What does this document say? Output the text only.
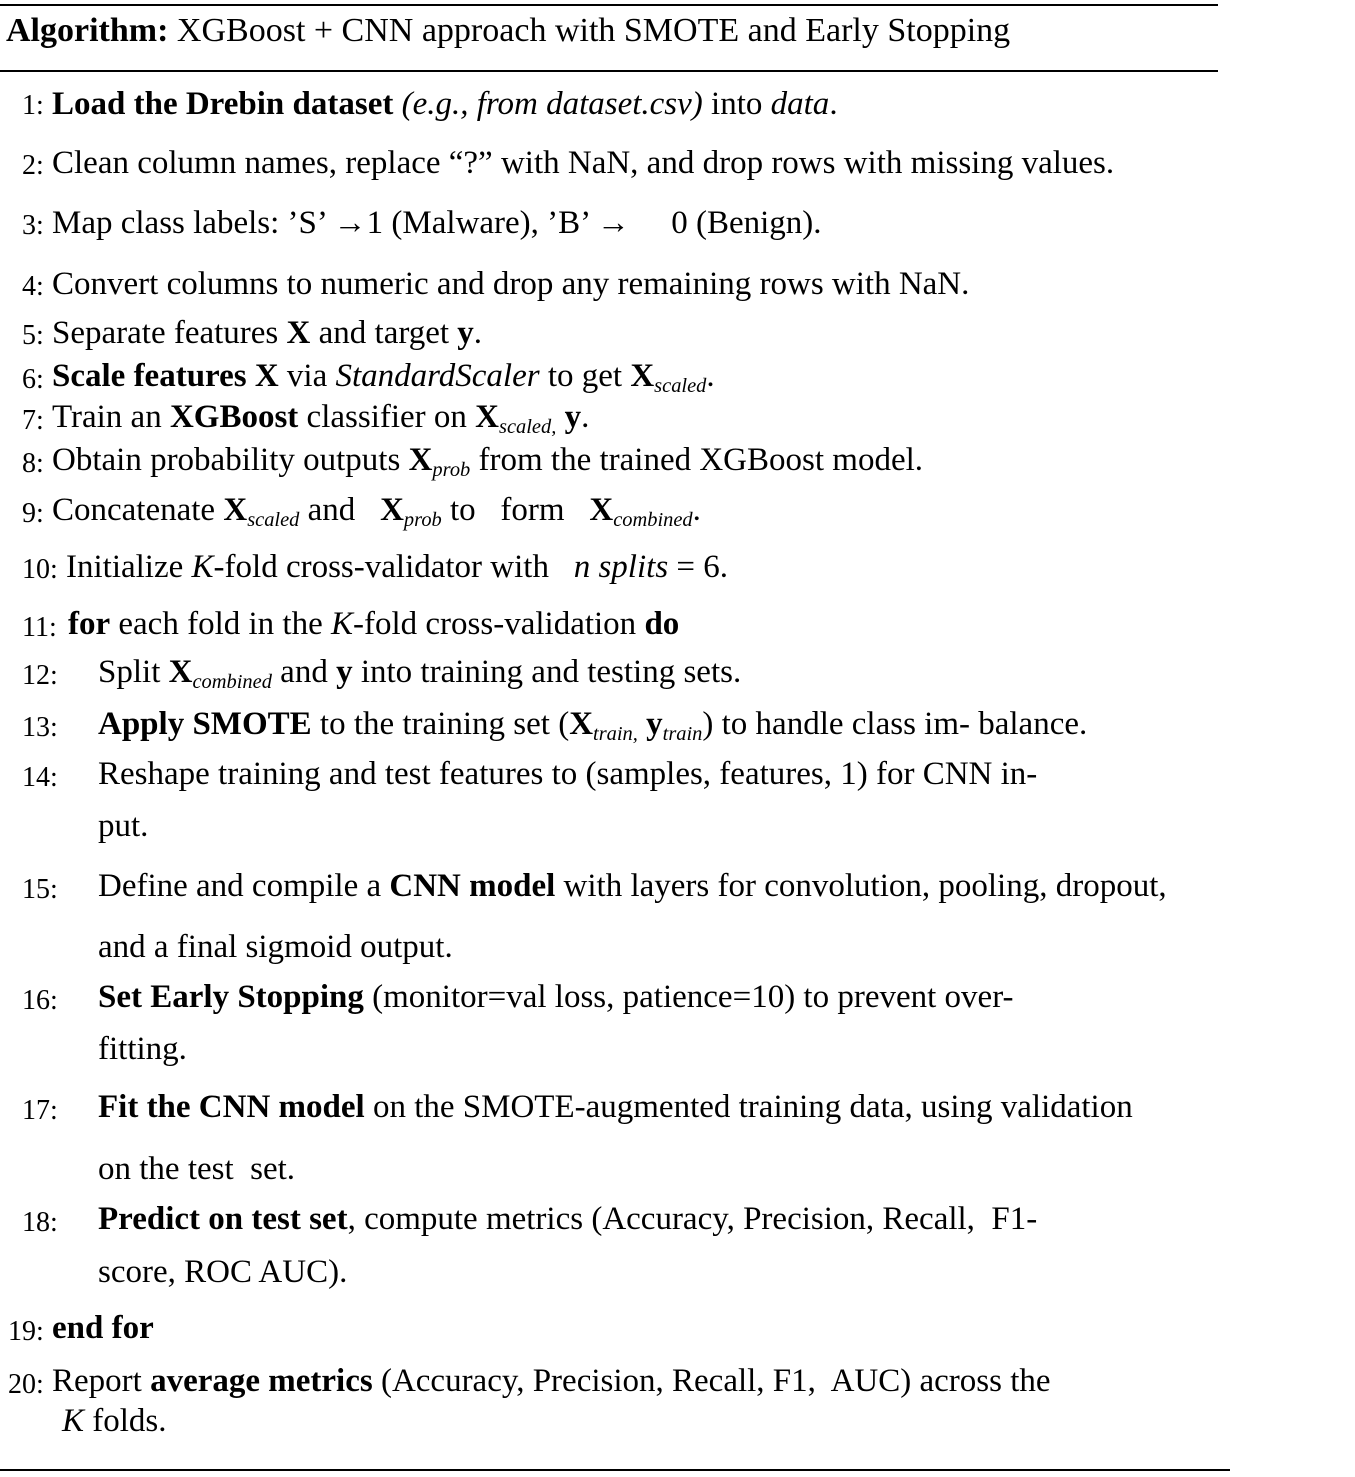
Algorithm: XGBoost + CNN approach with SMOTE and Early Stopping
1: Load the Drebin dataset (e.g., from dataset.csv) into data.
2: Clean column names, replace “?” with NaN, and drop rows with missing values.
3: Map class labels: ’S’ →1 (Malware), ’B’ →     0 (Benign).
4: Convert columns to numeric and drop any remaining rows with NaN.
5: Separate features X and target y.
6: Scale features X via StandardScaler to get $X_{scaled}$.
7: Train an XGBoost classifier on $X_{scaled,}$ y.
8: Obtain probability outputs $X_{prob}$ from the trained XGBoost model.
9: Concatenate $X_{scaled}$ and   $X_{prob}$ to   form   $X_{combined}$.
10: Initialize K-fold cross-validator with   n splits = 6.
11: for each fold in the K-fold cross-validation do
12: Split $X_{combined}$ and y into training and testing sets.
13: Apply SMOTE to the training set ($X_{train,}$ $y_{train}$) to handle class im- balance.
14: Reshape training and test features to (samples, features, 1) for CNN in-
put.
15: Define and compile a CNN model with layers for convolution, pooling, dropout,
and a final sigmoid output.
16: Set Early Stopping (monitor=val loss, patience=10) to prevent over-
fitting.
17: Fit the CNN model on the SMOTE-augmented training data, using validation
on the test  set.
18: Predict on test set, compute metrics (Accuracy, Precision, Recall,  F1-
score, ROC AUC).
19: end for
20: Report average metrics (Accuracy, Precision, Recall, F1,  AUC) across the
K folds.
